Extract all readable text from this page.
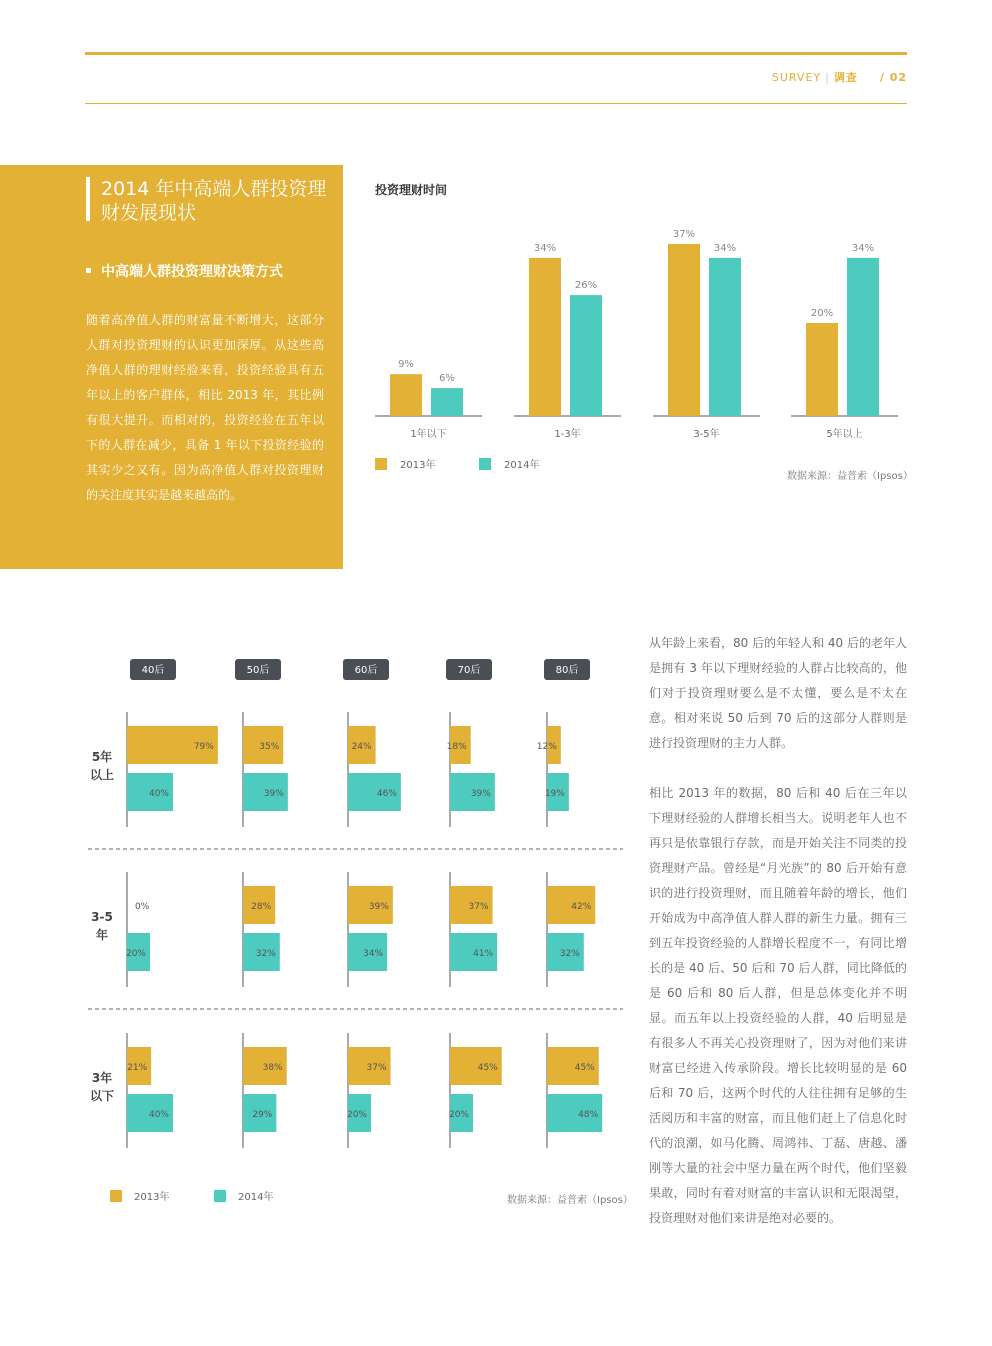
SURVEY | 调查 / 02
2014 年中高端人群投资理财发展现状
中高端人群投资理财决策方式
随着高净值人群的财富量不断增大，这部分人群对投资理财的认识更加深厚。从这些高净值人群的理财经验来看，投资经验具有五年以上的客户群体，相比 2013 年，其比例有很大提升。而相对的，投资经验在五年以下的人群在减少，具备 1 年以下投资经验的其实少之又有。因为高净值人群对投资理财的关注度其实是越来越高的。
投资理财时间
9%
6%
1年以下
34%
26%
1-3年
37%
34%
3-5年
20%
34%
5年以上
2013年	2014年
数据来源：益普索（Ipsos）
40后	50后	60后	70后	80后
5年
以上
79%
40%
35%
39%
24%
46%
18%
39%
12%
19%
3-5
年
0%
20%
28%
32%
39%
34%
37%
41%
42%
32%
3年
以下
21%
40%
38%
29%
37%
20%
45%
20%
45%
48%
2013年	2014年	数据来源：益普索（Ipsos）
从年龄上来看，80 后的年轻人和 40 后的老年人是拥有 3 年以下理财经验的人群占比较高的，他们对于投资理财要么是不太懂，要么是不太在意。相对来说 50 后到 70 后的这部分人群则是进行投资理财的主力人群。
相比 2013 年的数据，80 后和 40 后在三年以下理财经验的人群增长相当大。说明老年人也不再只是依靠银行存款，而是开始关注不同类的投资理财产品。曾经是“月光族”的 80 后开始有意识的进行投资理财，而且随着年龄的增长，他们开始成为中高净值人群人群的新生力量。拥有三到五年投资经验的人群增长程度不一，有同比增长的是 40 后、50 后和 70 后人群，同比降低的是 60 后和 80 后人群，但是总体变化并不明显。而五年以上投资经验的人群，40 后明显是有很多人不再关心投资理财了，因为对他们来讲财富已经进入传承阶段。增长比较明显的是 60 后和 70 后，这两个时代的人往往拥有足够的生活阅历和丰富的财富，而且他们赶上了信息化时代的浪潮，如马化腾、周鸿祎、丁磊、唐越、潘刚等大量的社会中坚力量在两个时代，他们坚毅果敢，同时有着对财富的丰富认识和无限渴望，投资理财对他们来讲是绝对必要的。
